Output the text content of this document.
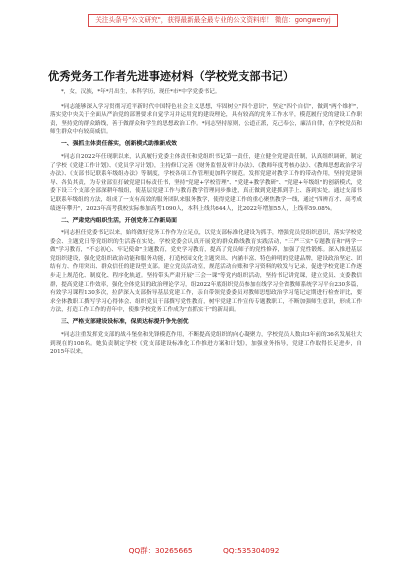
关注头条号"公文研究"，获得最新最全最专业的公文资料库！ 微信：gongwenyj
优秀党务工作者先进事迹材料（学校党支部书记）

*，女，汉族，*年*月出生，本科学历，现任*市*中学党委书记。

*同志能够深入学习贯彻习近平新时代中国特色社会主义思想，牢固树立"四个意识"，坚定"四个自信"，做到"两个维护"，落实党中央关于全面从严治党的部署要求自觉学习并运用党的建设理论，具有较高的党务工作水平，模范履行党的建设工作职责，坚持党的群众路线，善于做群众和学生的思想政治工作。*同志坚持原则，公道正派，克己奉公，廉洁自律，在学校党员和师生群众中有较高威信。

一、强抓主体责任落实，创新模式助推新成效

*同志自2022年任现职以来，认真履行党委主体责任和党组织书记第一责任，建立健全党建责任制，认真组织调研，制定了学校《党建工作计划》、《党员学习计划》，主持修订完善《财务监督及审计办法》、《教师年度考核办法》、《教师思想政治学习办法》、《支部书记联系年级组办法》等制度，学校各项工作管理更加科学规范。发挥党建对教学工作的带动作用，坚持党建领导、各负其责，为专业部室打破党建目标责任书，坚持"党建+学校管理"、"党建+教学教研"、"党建+年级组"的创新模式，党委下设三个支部全部深耕年级组，使基层党建工作与教育教学管理同步推进，真正做到党建抓到手上、落到实处。通过支部书记联系年级组的方法，组成了一支有高效的服务团队来服务教学，使得党建工作的重心聚焦教学一线，通过"四辨育才、高考成绩逐年攀升"，2023年高考我校实际参加高考1090人，本科上线共644人，比2022年增加55人，上线率59.08%。

二、严肃党内组织生活，开创党务工作新局面

*同志担任党委书记以来，始终做好党务工作作为立足点，以党支部标准化建设为抓手，增强党员党组织意识，落实学校党委会、主题党日等党组织的生活落在实处。学校党委会认真开展党的群众路线教育实践活动，"三严三实"专题教育和"两学一做"学习教育，"不忘初心、牢记使命"主题教育，党史学习教育，提高了党员师子的党性修养，加强了党性锻炼。深入推进基层党组织建设，强化党组织政治功能和服务功能，打造校园文化主题突出、内涵丰富、特色鲜明的党建品牌，建设政治坚定、团结有力、作用突出、群众信任的建设型支部。建立党员活动室，规范活动台账和学习资料的收发与记录，促进学校党建工作逐步走上规范化、制度化、程序化轨道。坚持带头严肃开展"三会一课"等党内组织活动，坚持书记讲党课，建立党员、支委教信群，提高党建工作效率，强化全体党员的政治理论学习，组2022年底组织党员参加在线学习全省教师系统学习平台230多篇，有效学习课程130多次，拉萨深入支部指导基层党建工作，亲自带领党委委员对教师思想政治学习笔记定期进行检查评比，要求全体教职工撰写学习心得体会、组织党员干部撰写党性教育，树牢党建工作宣传专题教职工，不断加强师生意识，形成工作方法，打造工作工作的青年中，使推学校党务工作成为"直抓实干"的新局面。

三、严格支部建设设标准，保质达标提升争先创优

*同志注重发挥党支部的战斗堡垒和先锋模范作用，不断提高党组织的向心凝聚力，学校党员人数由3年前的36名发展壮大到现在的108名。她负责制定学校《党支部建设标准化工作推进方案和计划》，加强业务指导，党建工作取得长足进步，自2015年以来，

QQ群：30265665	QQ:535304092
